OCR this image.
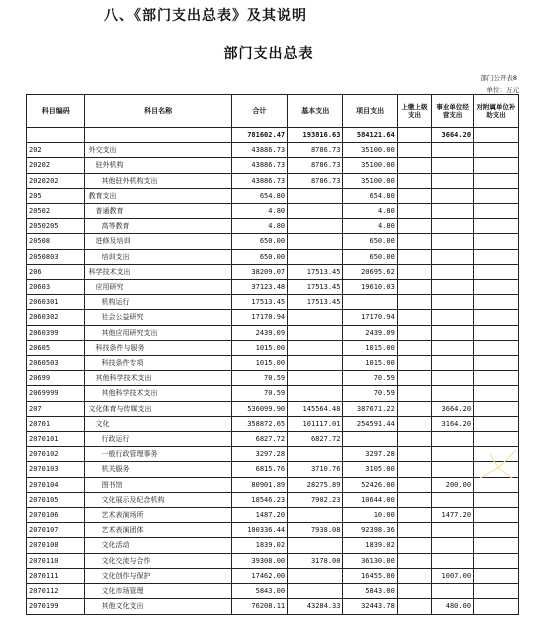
八、《部门支出总表》及其说明
部门支出总表
部门公开表8
单位：万元
科目编码	科目名称	合计	基本支出	项目支出	上缴上级支出	事业单位经营支出	对附属单位补助支出
		781602.47	193816.63	584121.64		3664.20	
202	外交支出	43886.73	8786.73	35100.00			
20202	驻外机构	43886.73	8786.73	35100.00			
2020202	其他驻外机构支出	43886.73	8786.73	35100.00			
205	教育支出	654.80		654.80			
20502	普通教育	4.80		4.80			
2050205	高等教育	4.80		4.80			
20508	进修及培训	650.00		650.00			
2050803	培训支出	650.00		650.00			
206	科学技术支出	38209.07	17513.45	20695.62			
20603	应用研究	37123.48	17513.45	19610.03			
2060301	机构运行	17513.45	17513.45				
2060302	社会公益研究	17170.94		17170.94			
2060399	其他应用研究支出	2439.09		2439.09			
20605	科技条件与服务	1015.00		1015.00			
2060503	科技条件专项	1015.00		1015.00			
20699	其他科学技术支出	70.59		70.59			
2069999	其他科学技术支出	70.59		70.59			
207	文化体育与传媒支出	536099.90	145564.48	387671.22		3664.20	
20701	文化	358872.65	101117.01	254591.44		3164.20	
2070101	行政运行	6827.72	6827.72				
2070102	一般行政管理事务	3297.28		3297.28			
2070103	机关服务	6815.76	3710.76	3105.00			
2070104	图书馆	80901.89	28275.89	52426.00		200.00	
2070105	文化展示及纪念机构	18546.23	7902.23	10644.00			
2070106	艺术表演场所	1487.20		10.00		1477.20	
2070107	艺术表演团体	100336.44	7938.08	92398.36			
2070108	文化活动	1839.02		1839.02			
2070110	文化交流与合作	39308.00	3178.00	36130.00			
2070111	文化创作与保护	17462.00		16455.00		1007.00	
2070112	文化市场管理	5843.00		5843.00			
2070199	其他文化支出	76208.11	43284.33	32443.78		480.00	
